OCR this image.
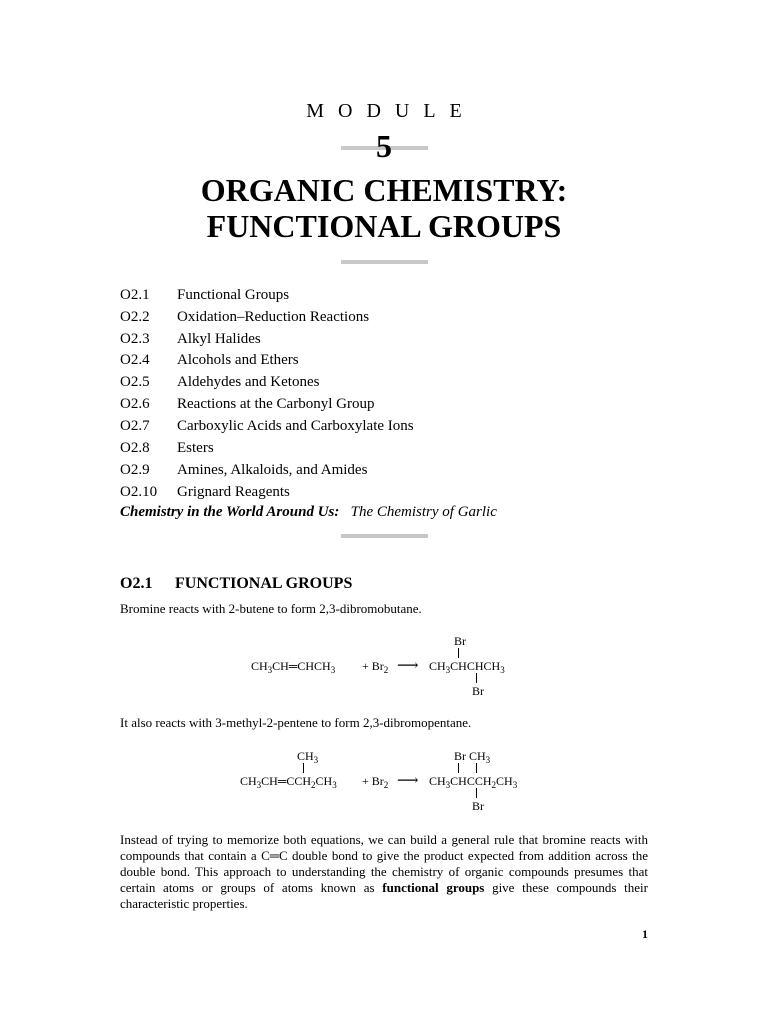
MODULE
5
ORGANIC CHEMISTRY:
FUNCTIONAL GROUPS
O2.1 Functional Groups
O2.2 Oxidation–Reduction Reactions
O2.3 Alkyl Halides
O2.4 Alcohols and Ethers
O2.5 Aldehydes and Ketones
O2.6 Reactions at the Carbonyl Group
O2.7 Carboxylic Acids and Carboxylate Ions
O2.8 Esters
O2.9 Amines, Alkaloids, and Amides
O2.10 Grignard Reagents
Chemistry in the World Around Us: The Chemistry of Garlic
O2.1 FUNCTIONAL GROUPS
Bromine reacts with 2-butene to form 2,3-dibromobutane.
Br
$CH_3CH═CHCH_3 + Br_2$ ⟶ $CH_3CHCHCH_3$
Br
It also reacts with 3-methyl-2-pentene to form 2,3-dibromopentane.
$CH_3$	Br $CH_3$
$CH_3CH═CCH_2CH_3 + Br_2$ ⟶ $CH_3CHCCH_2CH_3$
Br
Instead of trying to memorize both equations, we can build a general rule that bromine reacts with compounds that contain a C═C double bond to give the product expected from addition across the double bond. This approach to understanding the chemistry of organic compounds presumes that certain atoms or groups of atoms known as functional groups give these compounds their characteristic properties.
1
